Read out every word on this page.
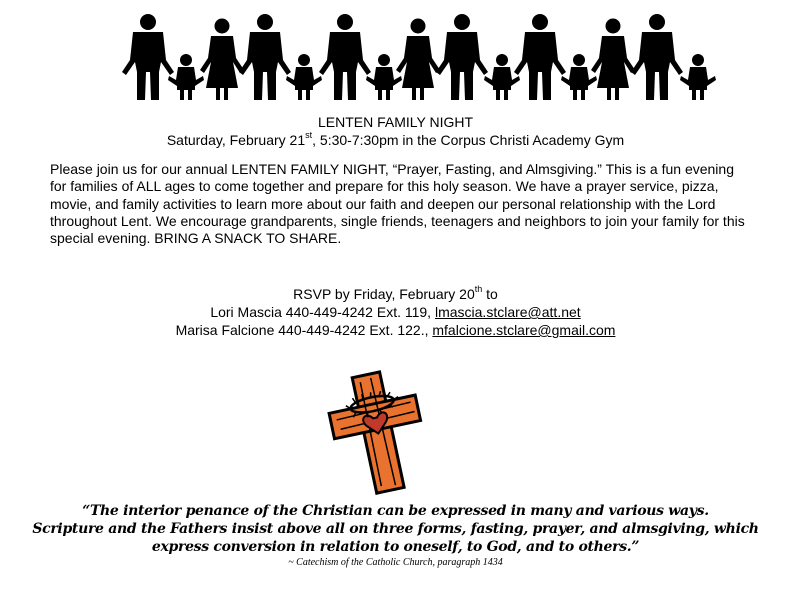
LENTEN FAMILY NIGHT
Saturday, February 21st, 5:30-7:30pm in the Corpus Christi Academy Gym
Please join us for our annual LENTEN FAMILY NIGHT, “Prayer, Fasting, and Almsgiving.” This is a fun evening for families of ALL ages to come together and prepare for this holy season. We have a prayer service, pizza, movie, and family activities to learn more about our faith and deepen our personal relationship with the Lord throughout Lent. We encourage grandparents, single friends, teenagers and neighbors to join your family for this special evening. BRING A SNACK TO SHARE.
RSVP by Friday, February 20th to
Lori Mascia 440-449-4242 Ext. 119, lmascia.stclare@att.net
Marisa Falcione 440-449-4242 Ext. 122., mfalcione.stclare@gmail.com
“The interior penance of the Christian can be expressed in many and various ways.
Scripture and the Fathers insist above all on three forms, fasting, prayer, and almsgiving, which
express conversion in relation to oneself, to God, and to others.”
~ Catechism of the Catholic Church, paragraph 1434
